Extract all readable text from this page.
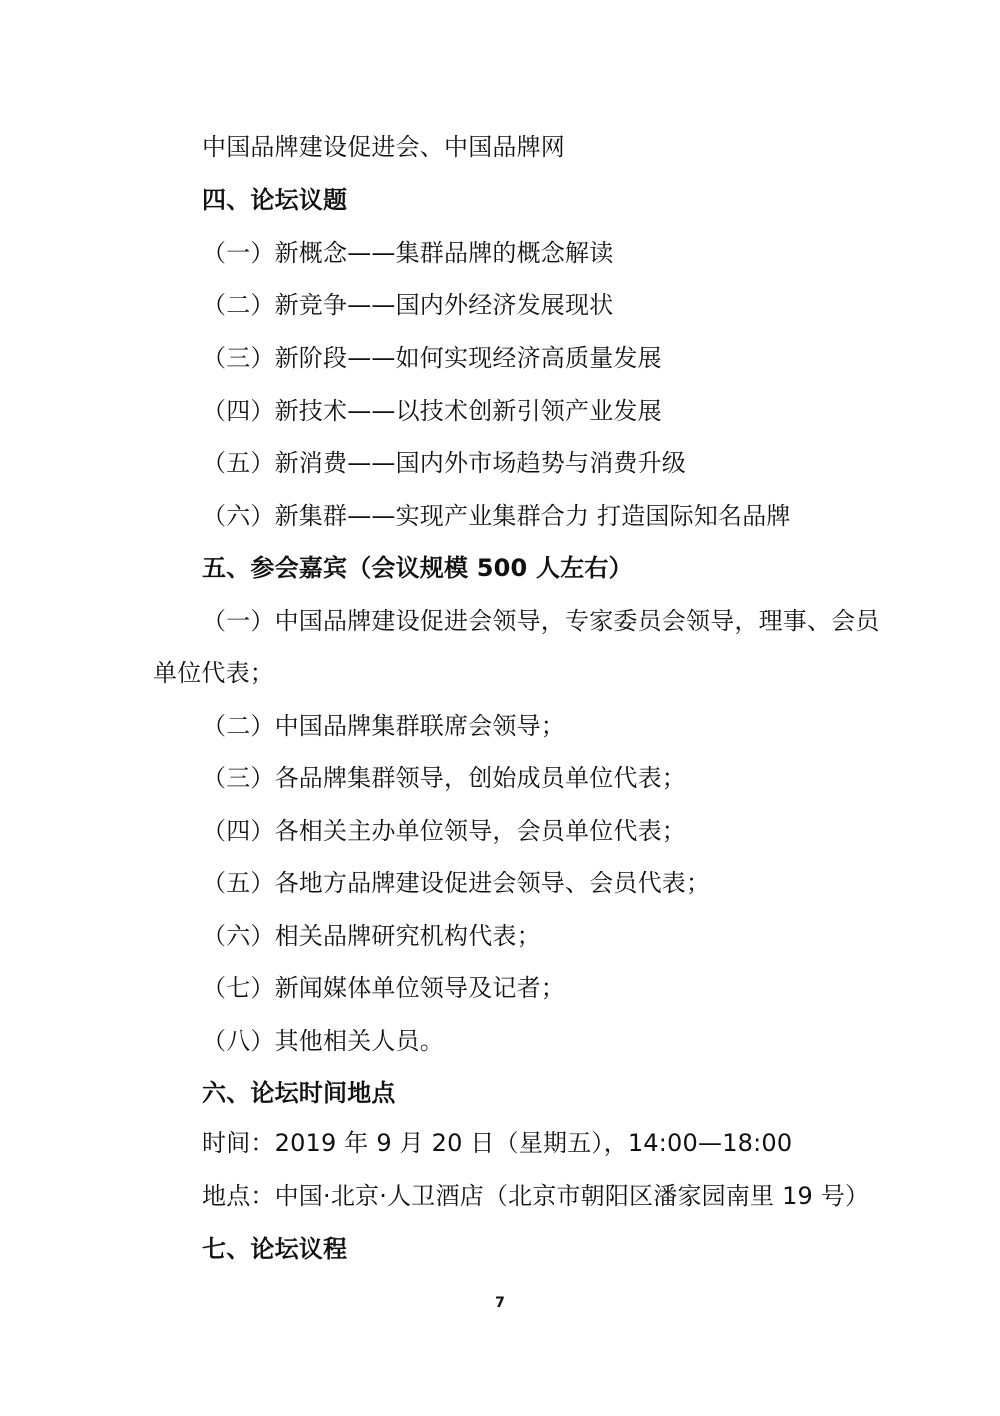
中国品牌建设促进会、中国品牌网
四、论坛议题
（一）新概念——集群品牌的概念解读
（二）新竞争——国内外经济发展现状
（三）新阶段——如何实现经济高质量发展
（四）新技术——以技术创新引领产业发展
（五）新消费——国内外市场趋势与消费升级
（六）新集群——实现产业集群合力 打造国际知名品牌
五、参会嘉宾（会议规模 500 人左右）
（一）中国品牌建设促进会领导，专家委员会领导，理事、会员
单位代表；
（二）中国品牌集群联席会领导；
（三）各品牌集群领导，创始成员单位代表；
（四）各相关主办单位领导，会员单位代表；
（五）各地方品牌建设促进会领导、会员代表；
（六）相关品牌研究机构代表；
（七）新闻媒体单位领导及记者；
（八）其他相关人员。
六、论坛时间地点
时间：2019 年 9 月 20 日（星期五），14:00—18:00
地点：中国·北京·人卫酒店（北京市朝阳区潘家园南里 19 号）
七、论坛议程
7
